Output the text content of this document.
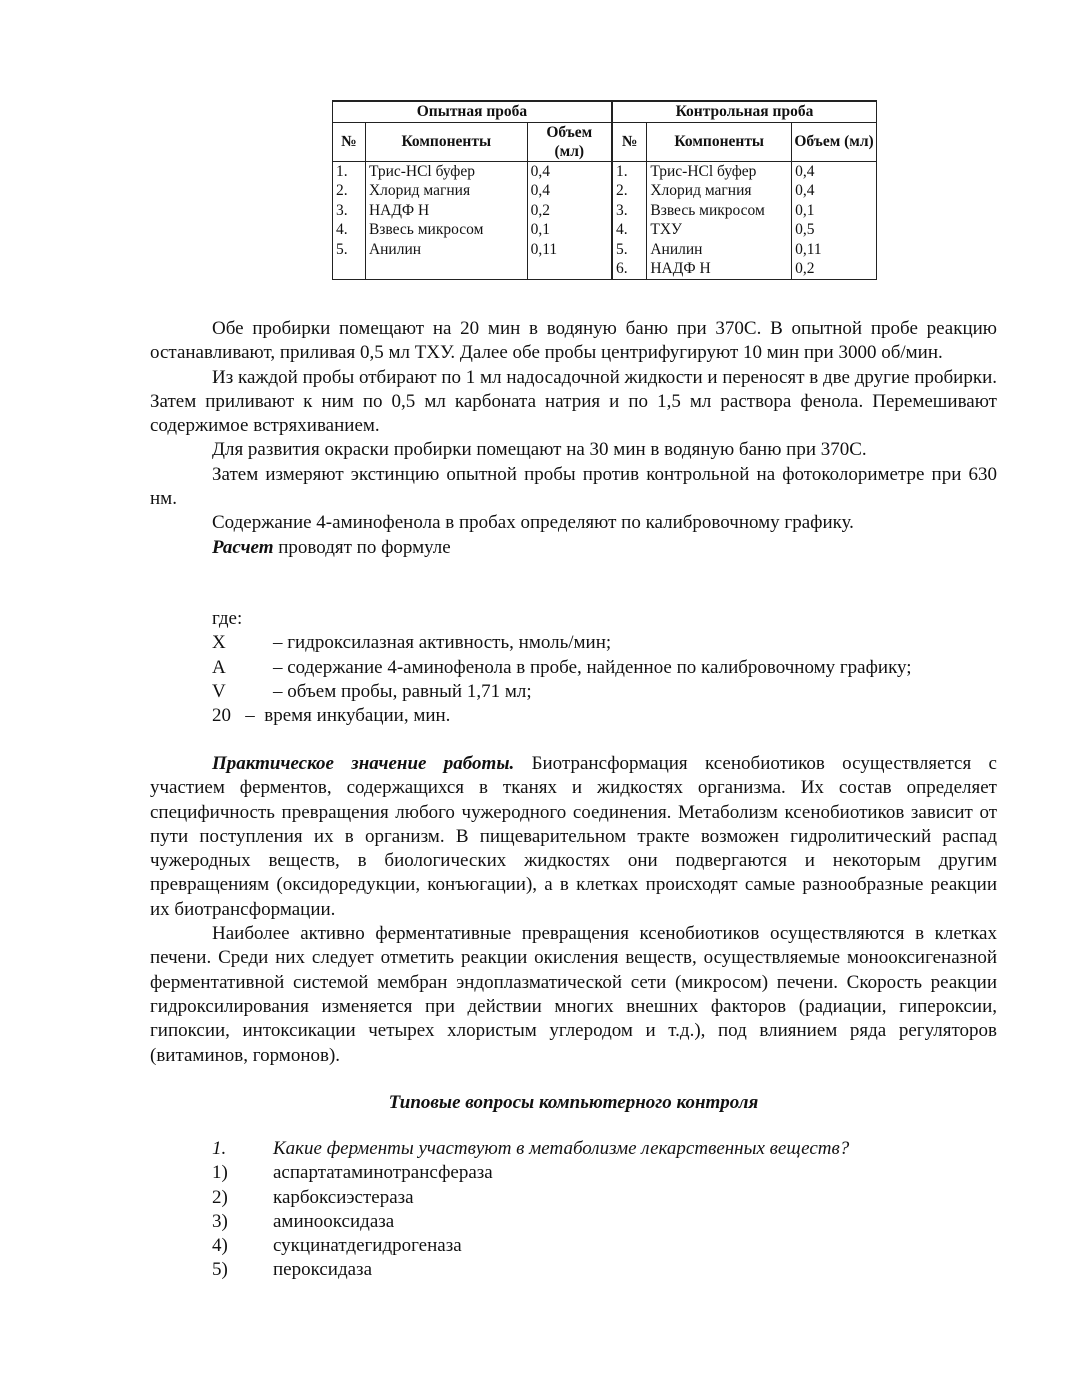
Опытная проба			Контрольная проба		
№	Компоненты	Объем (мл)	№	Компоненты	Объем (мл)
1.	Трис-HCl буфер	0,4	1.	Трис-HCl буфер	0,4
2.	Хлорид магния	0,4	2.	Хлорид магния	0,4
3.	НАДФ Н	0,2	3.	Взвесь микросом	0,1
4.	Взвесь микросом	0,1	4.	ТХУ	0,5
5.	Анилин	0,11	5.	Анилин	0,11
			6.	НАДФ Н	0,2

Обе пробирки помещают на 20 мин в водяную баню при 370С. В опытной пробе реакцию останавливают, приливая 0,5 мл ТХУ. Далее обе пробы центрифугируют 10 мин при 3000 об/мин.

Из каждой пробы отбирают по 1 мл надосадочной жидкости и переносят в две другие пробирки. Затем приливают к ним по 0,5 мл карбоната натрия и по 1,5 мл раствора фенола. Перемешивают содержимое встряхиванием.

Для развития окраски пробирки помещают на 30 мин в водяную баню при 370С.

Затем измеряют экстинцию опытной пробы против контрольной на фотоколориметре при 630 нм.

Содержание 4-аминофенола в пробах определяют по калибровочному графику.

Расчет проводят по формуле

где:
X – гидроксилазная активность, нмоль/мин;
A – содержание 4-аминофенола в пробе, найденное по калибровочному графику;
V – объем пробы, равный 1,71 мл;
20   –  время инкубации, мин.

Практическое значение работы. Биотрансформация ксенобиотиков осуществляется с участием ферментов, содержащихся в тканях и жидкостях организма. Их состав определяет специфичность превращения любого чужеродного соединения. Метаболизм ксенобиотиков зависит от пути поступления их в организм. В пищеварительном тракте возможен гидролитический распад чужеродных веществ, в биологических жидкостях они подвергаются и некоторым другим превращениям (оксидоредукции, конъюгации), а в клетках происходят самые разнообразные реакции их биотрансформации.

Наиболее активно ферментативные превращения ксенобиотиков осуществляются в клетках печени. Среди них следует отметить реакции окисления веществ, осуществляемые монооксигеназной ферментативной системой мембран эндоплазматической сети (микросом) печени. Скорость реакции гидроксилирования изменяется при действии многих внешних факторов (радиации, гипероксии, гипоксии, интоксикации четырех хлористым углеродом и т.д.), под влиянием ряда регуляторов (витаминов, гормонов).

Типовые вопросы компьютерного контроля
1. Какие ферменты участвуют в метаболизме лекарственных веществ?
1) аспартатаминотрансфераза
2) карбоксиэстераза
3) аминооксидаза
4) сукцинатдегидрогеназа
5) пероксидаза
